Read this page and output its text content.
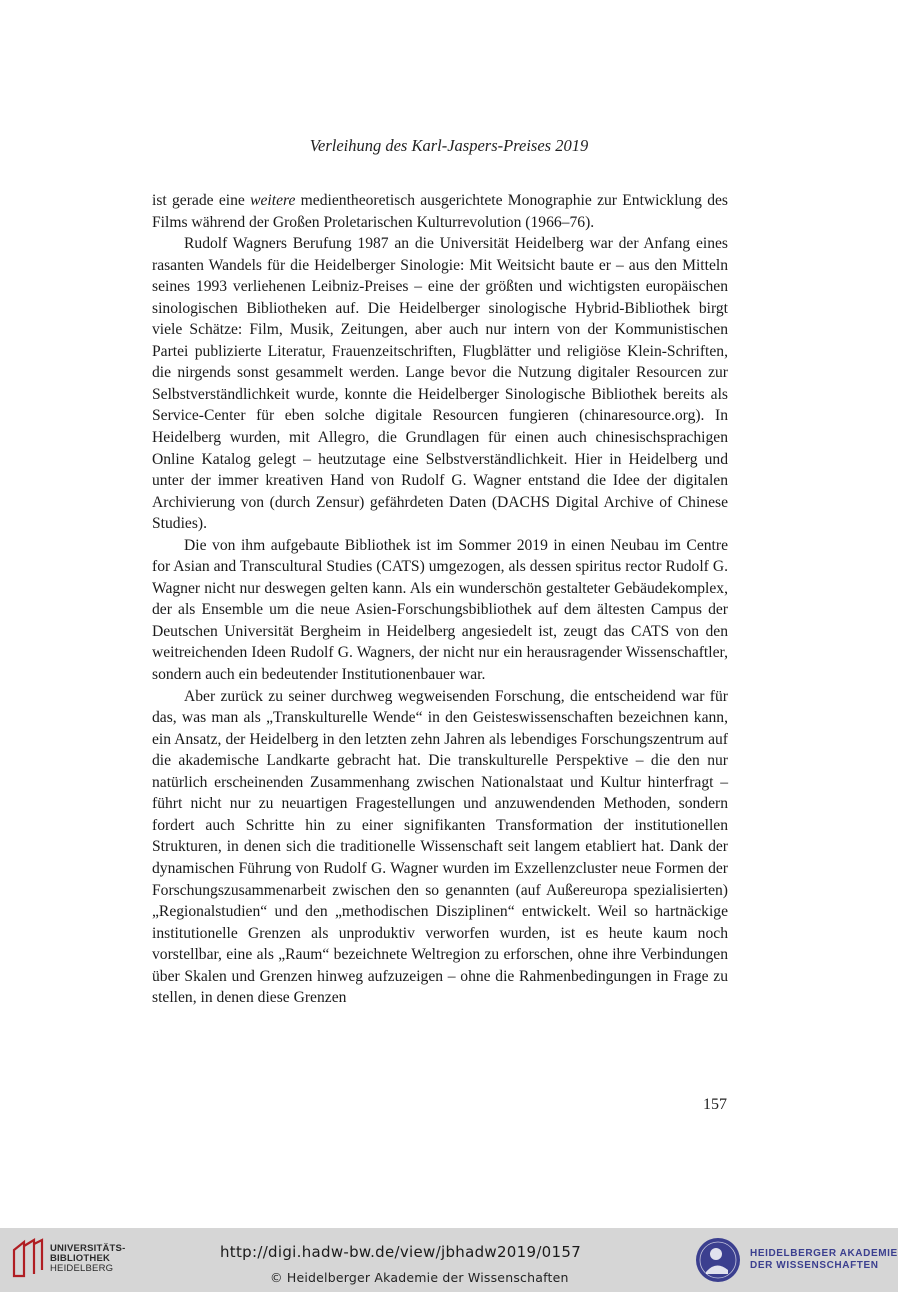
Verleihung des Karl-Jaspers-Preises 2019

ist gerade eine weitere medientheoretisch ausgerichtete Monographie zur Entwicklung des Films während der Großen Proletarischen Kulturrevolution (1966–76).

Rudolf Wagners Berufung 1987 an die Universität Heidelberg war der Anfang eines rasanten Wandels für die Heidelberger Sinologie: Mit Weitsicht baute er – aus den Mitteln seines 1993 verliehenen Leibniz-Preises – eine der größten und wichtigsten europäischen sinologischen Bibliotheken auf. Die Heidelberger sinologische Hybrid-Bibliothek birgt viele Schätze: Film, Musik, Zeitungen, aber auch nur intern von der Kommunistischen Partei publizierte Literatur, Frauenzeitschriften, Flugblätter und religiöse Klein-Schriften, die nirgends sonst gesammelt werden. Lange bevor die Nutzung digitaler Resourcen zur Selbstverständlichkeit wurde, konnte die Heidelberger Sinologische Bibliothek bereits als Service-Center für eben solche digitale Resourcen fungieren (chinaresource.org). In Heidelberg wurden, mit Allegro, die Grundlagen für einen auch chinesischsprachigen Online Katalog gelegt – heutzutage eine Selbstverständlichkeit. Hier in Heidelberg und unter der immer kreativen Hand von Rudolf G. Wagner entstand die Idee der digitalen Archivierung von (durch Zensur) gefährdeten Daten (DACHS Digital Archive of Chinese Studies).

Die von ihm aufgebaute Bibliothek ist im Sommer 2019 in einen Neubau im Centre for Asian and Transcultural Studies (CATS) umgezogen, als dessen spiritus rector Rudolf G. Wagner nicht nur deswegen gelten kann. Als ein wunderschön gestalteter Gebäudekomplex, der als Ensemble um die neue Asien-Forschungsbibliothek auf dem ältesten Campus der Deutschen Universität Bergheim in Heidelberg angesiedelt ist, zeugt das CATS von den weitreichenden Ideen Rudolf G. Wagners, der nicht nur ein herausragender Wissenschaftler, sondern auch ein bedeutender Institutionenbauer war.

Aber zurück zu seiner durchweg wegweisenden Forschung, die entscheidend war für das, was man als „Transkulturelle Wende“ in den Geisteswissenschaften bezeichnen kann, ein Ansatz, der Heidelberg in den letzten zehn Jahren als lebendiges Forschungszentrum auf die akademische Landkarte gebracht hat. Die transkulturelle Perspektive – die den nur natürlich erscheinenden Zusammenhang zwischen Nationalstaat und Kultur hinterfragt – führt nicht nur zu neuartigen Fragestellungen und anzuwendenden Methoden, sondern fordert auch Schritte hin zu einer signifikanten Transformation der institutionellen Strukturen, in denen sich die traditionelle Wissenschaft seit langem etabliert hat. Dank der dynamischen Führung von Rudolf G. Wagner wurden im Exzellenzcluster neue Formen der Forschungszusammenarbeit zwischen den so genannten (auf Außereuropa spezialisierten) „Regionalstudien“ und den „methodischen Disziplinen“ entwickelt. Weil so hartnäckige institutionelle Grenzen als unproduktiv verworfen wurden, ist es heute kaum noch vorstellbar, eine als „Raum“ bezeichnete Weltregion zu erforschen, ohne ihre Verbindungen über Skalen und Grenzen hinweg aufzuzeigen – ohne die Rahmenbedingungen in Frage zu stellen, in denen diese Grenzen

157
UNIVERSITÄTS-
BIBLIOTHEK
HEIDELBERG
http://digi.hadw-bw.de/view/jbhadw2019/0157
© Heidelberger Akademie der Wissenschaften
HEIDELBERGER AKADEMIE
DER WISSENSCHAFTEN
